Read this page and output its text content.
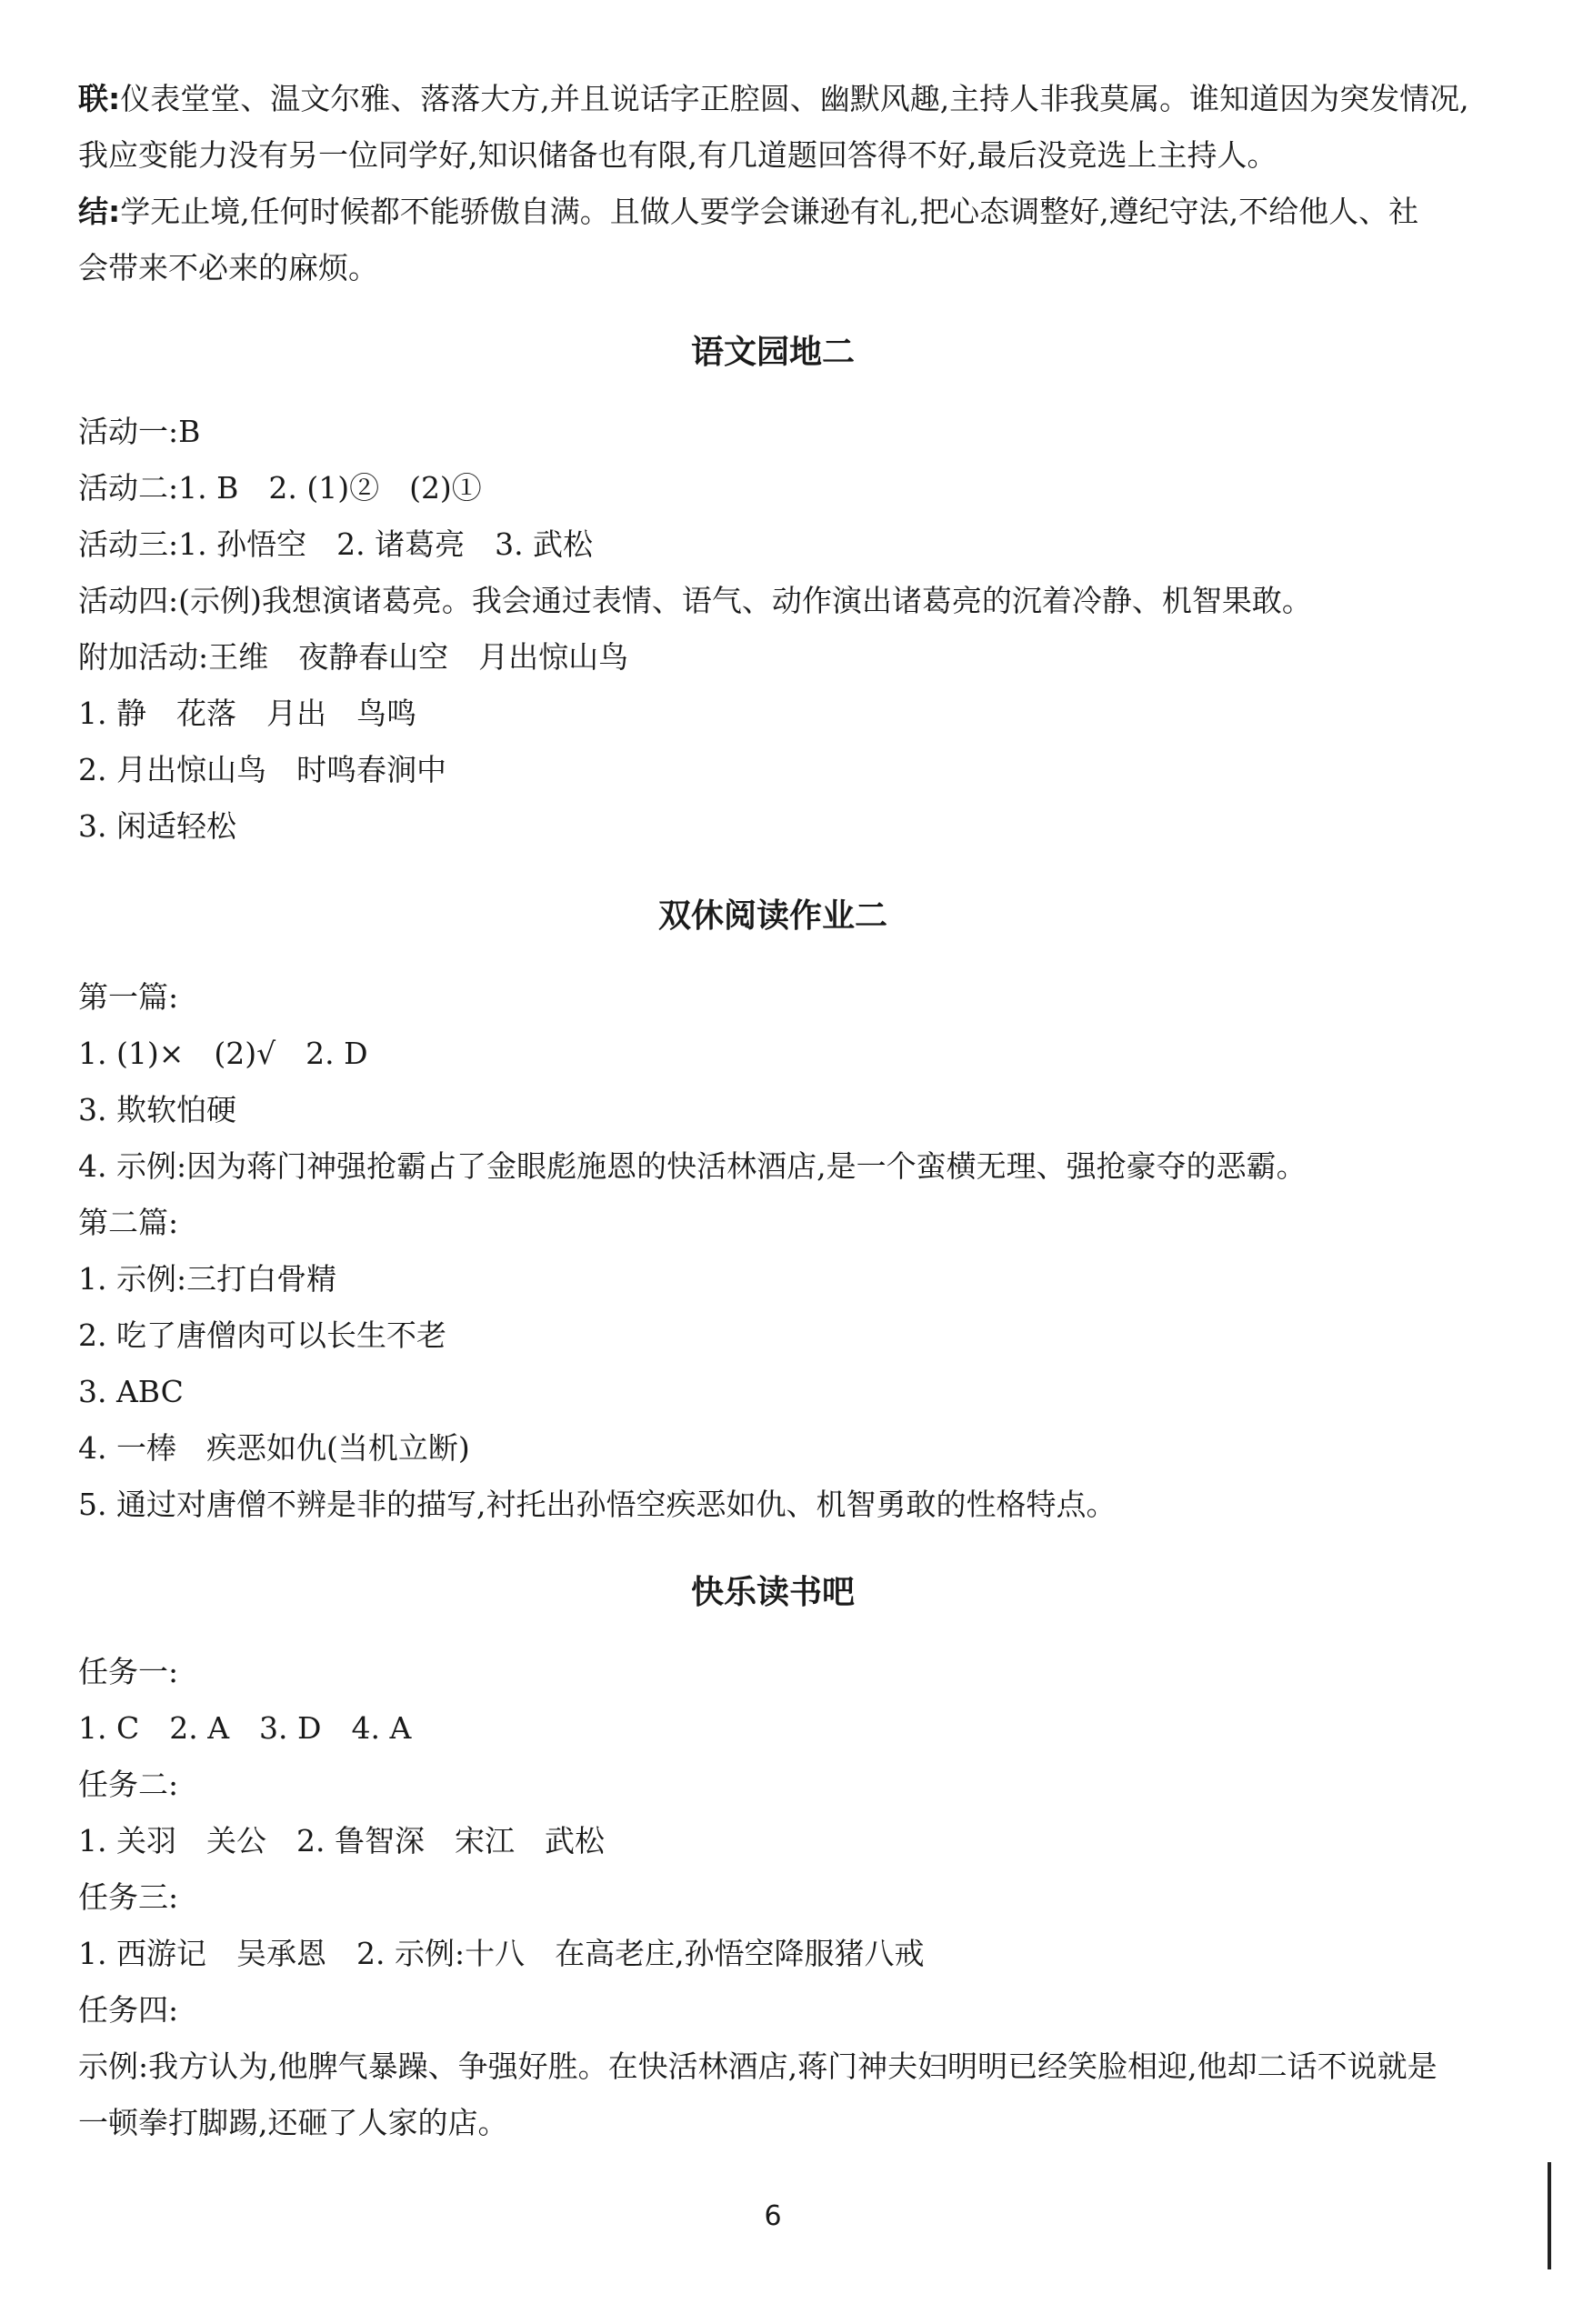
联:仪表堂堂、温文尔雅、落落大方,并且说话字正腔圆、幽默风趣,主持人非我莫属。谁知道因为突发情况,

我应变能力没有另一位同学好,知识储备也有限,有几道题回答得不好,最后没竞选上主持人。

结:学无止境,任何时候都不能骄傲自满。且做人要学会谦逊有礼,把心态调整好,遵纪守法,不给他人、社

会带来不必来的麻烦。

语文园地二

活动一:B

活动二:1. B　2. (1)②　(2)①

活动三:1. 孙悟空　2. 诸葛亮　3. 武松

活动四:(示例)我想演诸葛亮。我会通过表情、语气、动作演出诸葛亮的沉着冷静、机智果敢。

附加活动:王维　夜静春山空　月出惊山鸟

1. 静　花落　月出　鸟鸣

2. 月出惊山鸟　时鸣春涧中

3. 闲适轻松

双休阅读作业二

第一篇:

1. (1)×　(2)√　2. D

3. 欺软怕硬

4. 示例:因为蒋门神强抢霸占了金眼彪施恩的快活林酒店,是一个蛮横无理、强抢豪夺的恶霸。

第二篇:

1. 示例:三打白骨精

2. 吃了唐僧肉可以长生不老

3. ABC

4. 一棒　疾恶如仇(当机立断)

5. 通过对唐僧不辨是非的描写,衬托出孙悟空疾恶如仇、机智勇敢的性格特点。

快乐读书吧

任务一:

1. C　2. A　3. D　4. A

任务二:

1. 关羽　关公　2. 鲁智深　宋江　武松

任务三:

1. 西游记　吴承恩　2. 示例:十八　在高老庄,孙悟空降服猪八戒

任务四:

示例:我方认为,他脾气暴躁、争强好胜。在快活林酒店,蒋门神夫妇明明已经笑脸相迎,他却二话不说就是

一顿拳打脚踢,还砸了人家的店。

6
